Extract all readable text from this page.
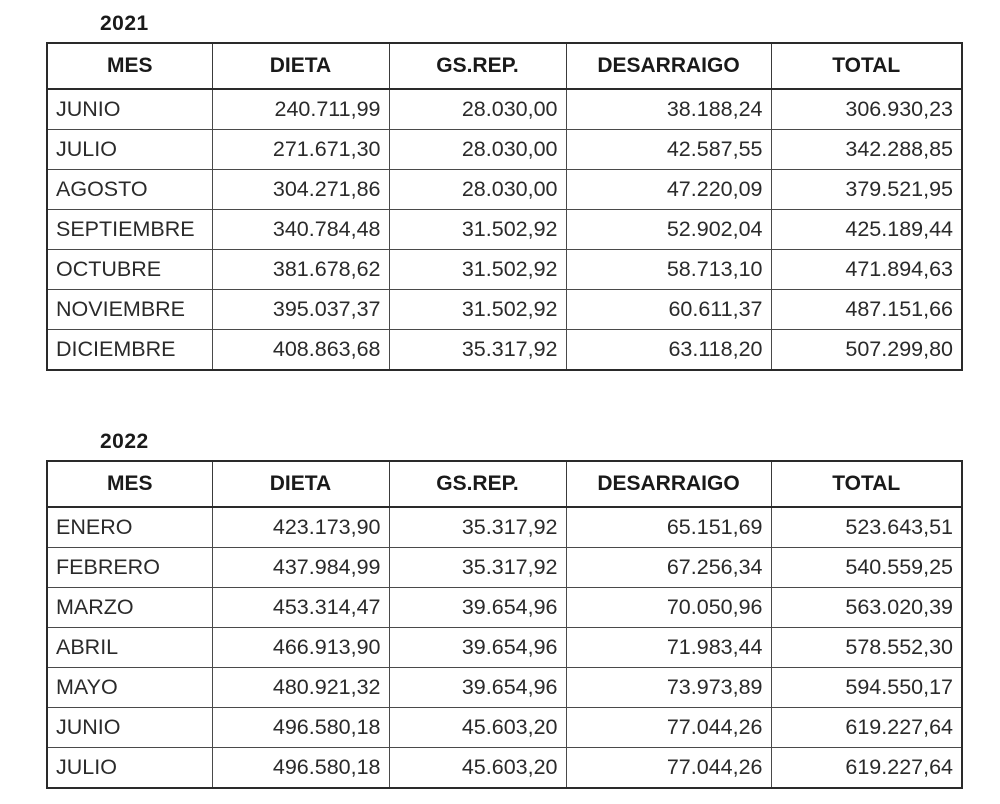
2021
MES	DIETA	GS.REP.	DESARRAIGO	TOTAL
JUNIO	240.711,99	28.030,00	38.188,24	306.930,23
JULIO	271.671,30	28.030,00	42.587,55	342.288,85
AGOSTO	304.271,86	28.030,00	47.220,09	379.521,95
SEPTIEMBRE	340.784,48	31.502,92	52.902,04	425.189,44
OCTUBRE	381.678,62	31.502,92	58.713,10	471.894,63
NOVIEMBRE	395.037,37	31.502,92	60.611,37	487.151,66
DICIEMBRE	408.863,68	35.317,92	63.118,20	507.299,80
2022
MES	DIETA	GS.REP.	DESARRAIGO	TOTAL
ENERO	423.173,90	35.317,92	65.151,69	523.643,51
FEBRERO	437.984,99	35.317,92	67.256,34	540.559,25
MARZO	453.314,47	39.654,96	70.050,96	563.020,39
ABRIL	466.913,90	39.654,96	71.983,44	578.552,30
MAYO	480.921,32	39.654,96	73.973,89	594.550,17
JUNIO	496.580,18	45.603,20	77.044,26	619.227,64
JULIO	496.580,18	45.603,20	77.044,26	619.227,64
